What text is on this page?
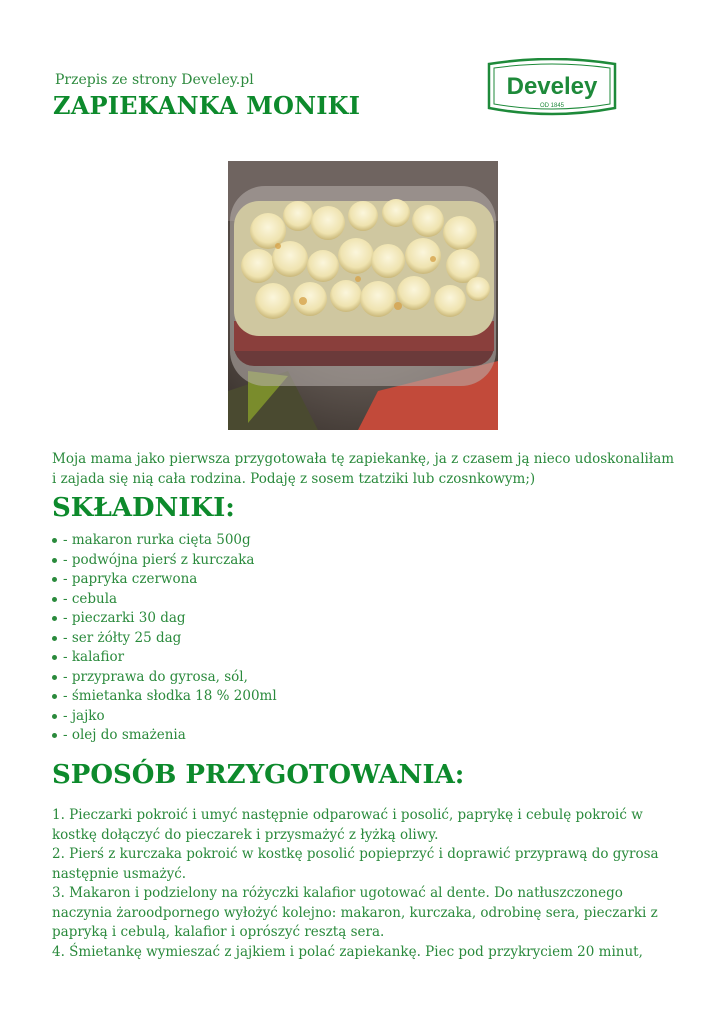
Przepis ze strony Develey.pl
ZAPIEKANKA MONIKI
Develey
OD 1845

Moja mama jako pierwsza przygotowała tę zapiekankę, ja z czasem ją nieco udoskonaliłam i zajada się nią cała rodzina. Podaję z sosem tzatziki lub czosnkowym;)

SKŁADNIKI:
- makaron rurka cięta 500g
- podwójna pierś z kurczaka
- papryka czerwona
- cebula
- pieczarki 30 dag
- ser żółty 25 dag
- kalafior
- przyprawa do gyrosa, sól,
- śmietanka słodka 18 % 200ml
- jajko
- olej do smażenia
SPOSÓB PRZYGOTOWANIA:

1. Pieczarki pokroić i umyć następnie odparować i posolić, paprykę i cebulę pokroić w kostkę dołączyć do pieczarek i przysmażyć z łyżką oliwy.

2. Pierś z kurczaka pokroić w kostkę posolić popieprzyć i doprawić przyprawą do gyrosa następnie usmażyć.

3. Makaron i podzielony na różyczki kalafior ugotować al dente. Do natłuszczonego naczynia żaroodpornego wyłożyć kolejno: makaron, kurczaka, odrobinę sera, pieczarki z papryką i cebulą, kalafior i oprószyć resztą sera.

4. Śmietankę wymieszać z jajkiem i polać zapiekankę. Piec pod przykryciem 20 minut,
